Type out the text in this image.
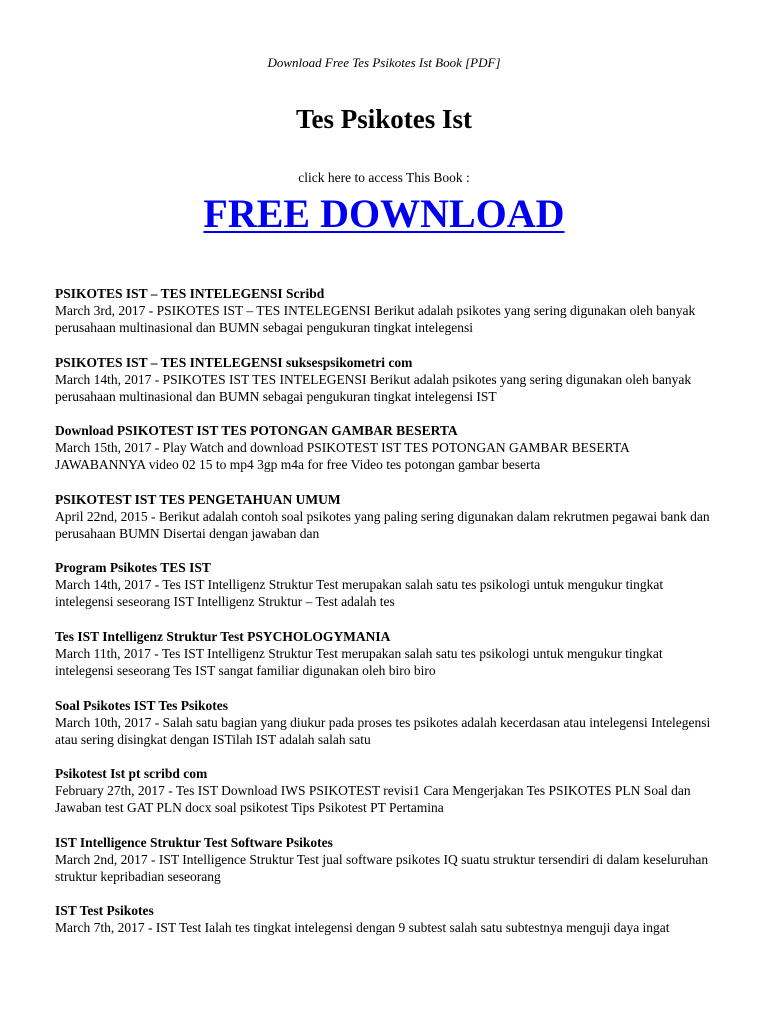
Download Free Tes Psikotes Ist Book [PDF]
Tes Psikotes Ist
click here to access This Book :
FREE DOWNLOAD
PSIKOTES IST – TES INTELEGENSI Scribd
March 3rd, 2017 - PSIKOTES IST – TES INTELEGENSI Berikut adalah psikotes yang sering digunakan oleh banyak perusahaan multinasional dan BUMN sebagai pengukuran tingkat intelegensi
PSIKOTES IST – TES INTELEGENSI suksespsikometri com
March 14th, 2017 - PSIKOTES IST TES INTELEGENSI Berikut adalah psikotes yang sering digunakan oleh banyak perusahaan multinasional dan BUMN sebagai pengukuran tingkat intelegensi IST
Download PSIKOTEST IST TES POTONGAN GAMBAR BESERTA
March 15th, 2017 - Play Watch and download PSIKOTEST IST TES POTONGAN GAMBAR BESERTA JAWABANNYA video 02 15 to mp4 3gp m4a for free Video tes potongan gambar beserta
PSIKOTEST IST TES PENGETAHUAN UMUM
April 22nd, 2015 - Berikut adalah contoh soal psikotes yang paling sering digunakan dalam rekrutmen pegawai bank dan perusahaan BUMN Disertai dengan jawaban dan
Program Psikotes TES IST
March 14th, 2017 - Tes IST Intelligenz Struktur Test merupakan salah satu tes psikologi untuk mengukur tingkat intelegensi seseorang IST Intelligenz Struktur – Test adalah tes
Tes IST Intelligenz Struktur Test PSYCHOLOGYMANIA
March 11th, 2017 - Tes IST Intelligenz Struktur Test merupakan salah satu tes psikologi untuk mengukur tingkat intelegensi seseorang Tes IST sangat familiar digunakan oleh biro biro
Soal Psikotes IST Tes Psikotes
March 10th, 2017 - Salah satu bagian yang diukur pada proses tes psikotes adalah kecerdasan atau intelegensi Intelegensi atau sering disingkat dengan ISTilah IST adalah salah satu
Psikotest Ist pt scribd com
February 27th, 2017 - Tes IST Download IWS PSIKOTEST revisi1 Cara Mengerjakan Tes PSIKOTES PLN Soal dan Jawaban test GAT PLN docx soal psikotest Tips Psikotest PT Pertamina
IST Intelligence Struktur Test Software Psikotes
March 2nd, 2017 - IST Intelligence Struktur Test jual software psikotes IQ suatu struktur tersendiri di dalam keseluruhan struktur kepribadian seseorang
IST Test Psikotes
March 7th, 2017 - IST Test Ialah tes tingkat intelegensi dengan 9 subtest salah satu subtestnya menguji daya ingat
